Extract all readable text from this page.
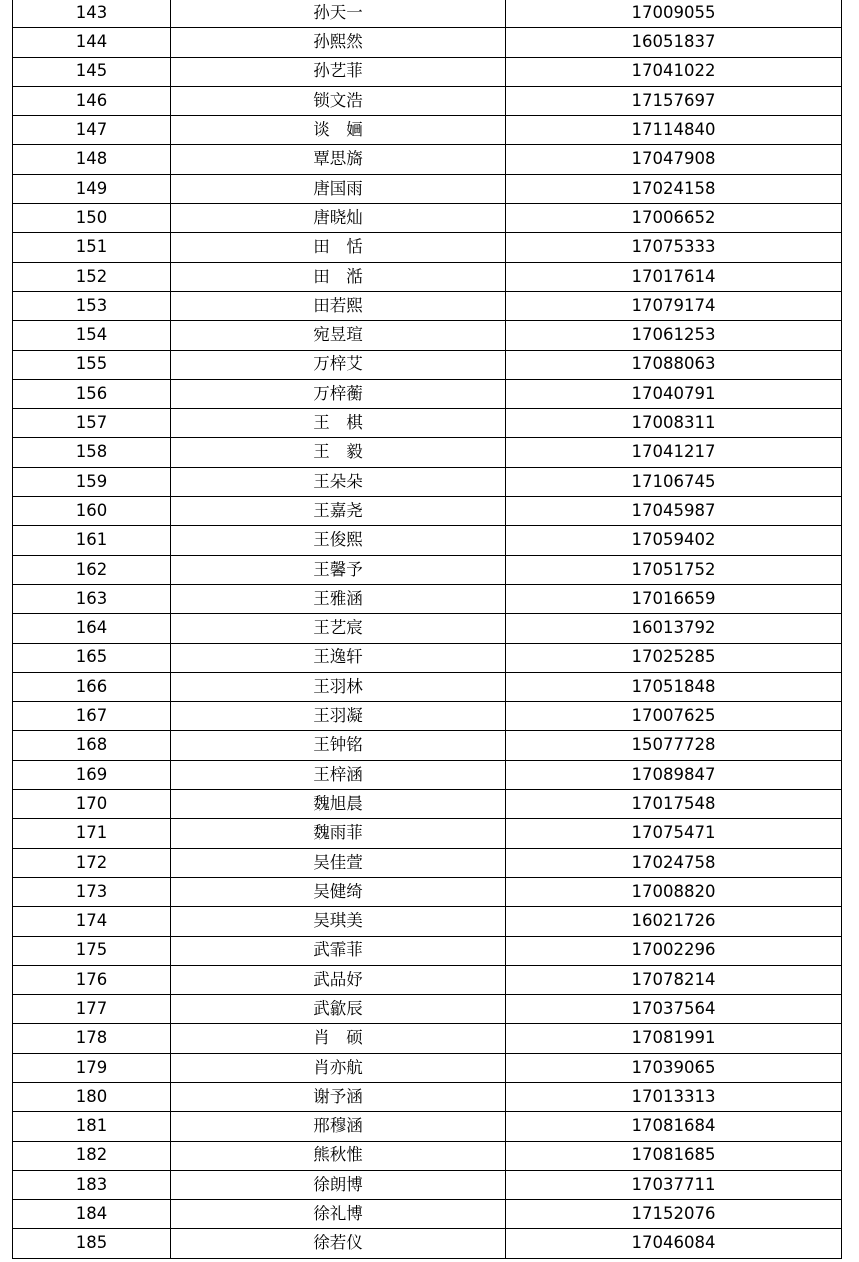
143	孙天一	17009055
144	孙熙然	16051837
145	孙艺菲	17041022
146	锁文浩	17157697
147	谈　婳	17114840
148	覃思旖	17047908
149	唐国雨	17024158
150	唐晓灿	17006652
151	田　恬	17075333
152	田　湉	17017614
153	田若熙	17079174
154	宛昱瑄	17061253
155	万梓艾	17088063
156	万梓蘅	17040791
157	王　棋	17008311
158	王　毅	17041217
159	王朵朵	17106745
160	王嘉尧	17045987
161	王俊熙	17059402
162	王馨予	17051752
163	王雅涵	17016659
164	王艺宸	16013792
165	王逸轩	17025285
166	王羽林	17051848
167	王羽凝	17007625
168	王钟铭	15077728
169	王梓涵	17089847
170	魏旭晨	17017548
171	魏雨菲	17075471
172	吴佳萱	17024758
173	吴健绮	17008820
174	吴琪美	16021726
175	武霏菲	17002296
176	武品妤	17078214
177	武歙辰	17037564
178	肖　硕	17081991
179	肖亦航	17039065
180	谢予涵	17013313
181	邢穆涵	17081684
182	熊秋惟	17081685
183	徐朗博	17037711
184	徐礼博	17152076
185	徐若仪	17046084
